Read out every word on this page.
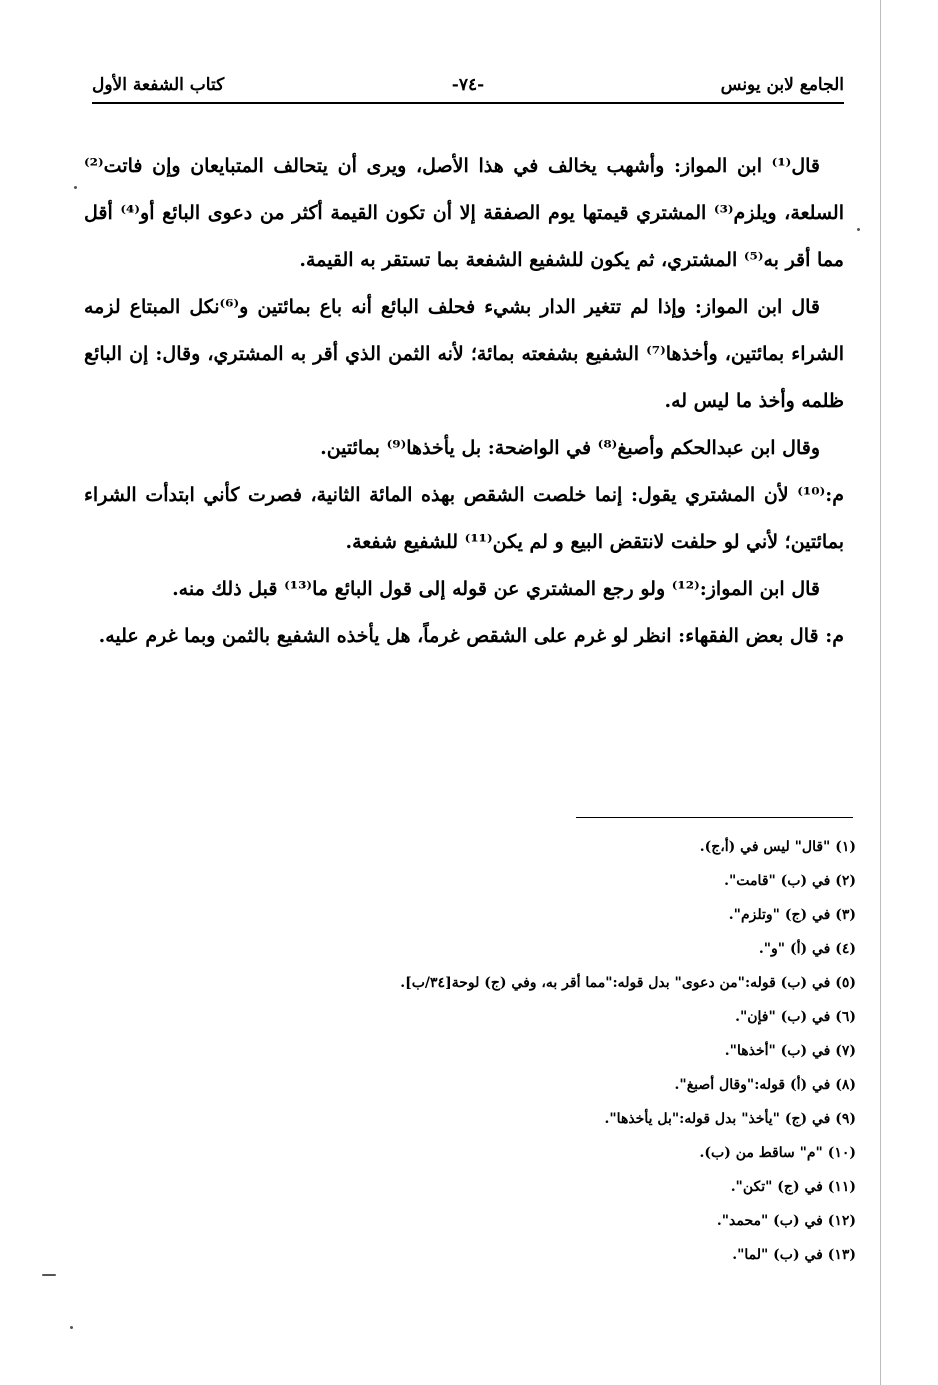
الجامع لابن يونس
-٧٤-
كتاب الشفعة الأول

قال⁽¹⁾ ابن المواز: وأشهب يخالف في هذا الأصل، ويرى أن يتحالف المتبايعان وإن فاتت⁽²⁾ السلعة، ويلزم⁽³⁾ المشتري قيمتها يوم الصفقة إلا أن تكون القيمة أكثر من دعوى البائع أو⁽⁴⁾ أقل مما أقر به⁽⁵⁾ المشتري، ثم يكون للشفيع الشفعة بما تستقر به القيمة.

قال ابن المواز: وإذا لم تتغير الدار بشيء فحلف البائع أنه باع بمائتين و⁽⁶⁾نكل المبتاع لزمه الشراء بمائتين، وأخذها⁽⁷⁾ الشفيع بشفعته بمائة؛ لأنه الثمن الذي أقر به المشتري، وقال: إن البائع ظلمه وأخذ ما ليس له.

وقال ابن عبدالحكم وأصبغ⁽⁸⁾ في الواضحة: بل يأخذها⁽⁹⁾ بمائتين.

م:⁽¹⁰⁾ لأن المشتري يقول: إنما خلصت الشقص بهذه المائة الثانية، فصرت كأني ابتدأت الشراء بمائتين؛ لأني لو حلفت لانتقض البيع و لم يكن⁽¹¹⁾ للشفيع شفعة.

قال ابن المواز:⁽¹²⁾ ولو رجع المشتري عن قوله إلى قول البائع ما⁽¹³⁾ قبل ذلك منه.

م: قال بعض الفقهاء: انظر لو غرم على الشقص غرماً، هل يأخذه الشفيع بالثمن وبما غرم عليه.

(١) "قال" ليس في (أ،ج).
(٢) في (ب) "قامت".
(٣) في (ج) "وتلزم".
(٤) في (أ) "و".
(٥) في (ب) قوله:"من دعوى" بدل قوله:"مما أقر به، وفي (ج) لوحة[٣٤/ب].
(٦) في (ب) "فإن".
(٧) في (ب) "أخذها".
(٨) في (أ) قوله:"وقال أصبغ".
(٩) في (ج) "يأخذ" بدل قوله:"بل يأخذها".
(١٠) "م" ساقط من (ب).
(١١) في (ج) "تكن".
(١٢) في (ب) "محمد".
(١٣) في (ب) "لما".
